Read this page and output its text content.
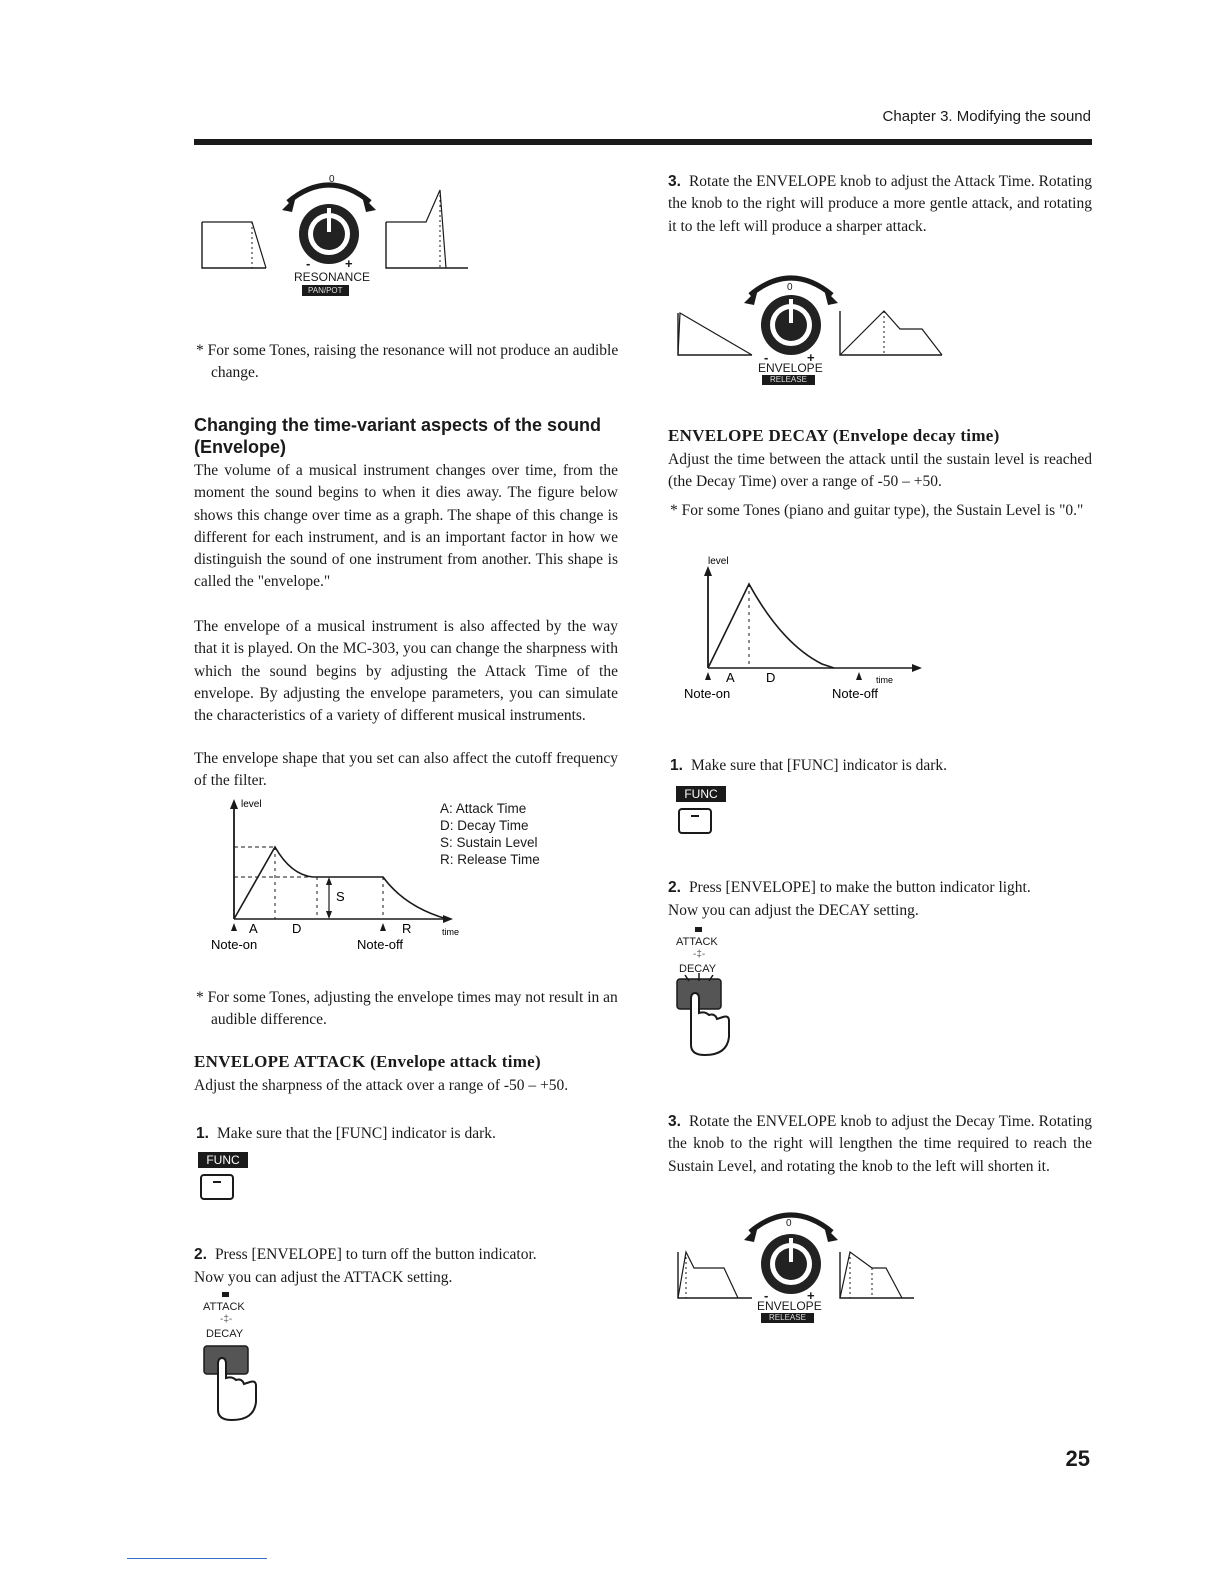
Chapter 3. Modifying the sound
0
-	+
RESONANCE
PAN/POT
* For some Tones, raising the resonance will not produce an audible change.
Changing the time-variant aspects of the sound (Envelope)
The volume of a musical instrument changes over time, from the moment the sound begins to when it dies away. The figure below shows this change over time as a graph. The shape of this change is different for each instrument, and is an important factor in how we distinguish the sound of one instrument from another. This shape is called the "envelope."
The envelope of a musical instrument is also affected by the way that it is played. On the MC-303, you can change the sharpness with which the sound begins by adjusting the Attack Time of the envelope. By adjusting the envelope parameters, you can simulate the characteristics of a variety of different musical instruments.
The envelope shape that you set can also affect the cutoff frequency of the filter.
level
A	D
S
R	time
Note-on	Note-off
A: Attack Time
D: Decay Time
S: Sustain Level
R: Release Time
* For some Tones, adjusting the envelope times may not result in an audible difference.
ENVELOPE ATTACK (Envelope attack time)
Adjust the sharpness of the attack over a range of -50 – +50.
1. Make sure that the [FUNC] indicator is dark.
FUNC
2. Press [ENVELOPE] to turn off the button indicator.
Now you can adjust the ATTACK setting.
ATTACK
DECAY
-‡-
3. Rotate the ENVELOPE knob to adjust the Attack Time. Rotating the knob to the right will produce a more gentle attack, and rotating it to the left will produce a sharper attack.
0
-	+
ENVELOPE
RELEASE
ENVELOPE DECAY (Envelope decay time)
Adjust the time between the attack until the sustain level is reached (the Decay Time) over a range of -50 – +50.
* For some Tones (piano and guitar type), the Sustain Level is "0."
level
A D	time
Note-on	Note-off
1. Make sure that [FUNC] indicator is dark.
FUNC
2. Press [ENVELOPE] to make the button indicator light.
Now you can adjust the DECAY setting.
ATTACK
DECAY
-‡-
3. Rotate the ENVELOPE knob to adjust the Decay Time. Rotating the knob to the right will lengthen the time required to reach the Sustain Level, and rotating the knob to the left will shorten it.
0
-	+
ENVELOPE
RELEASE
25
